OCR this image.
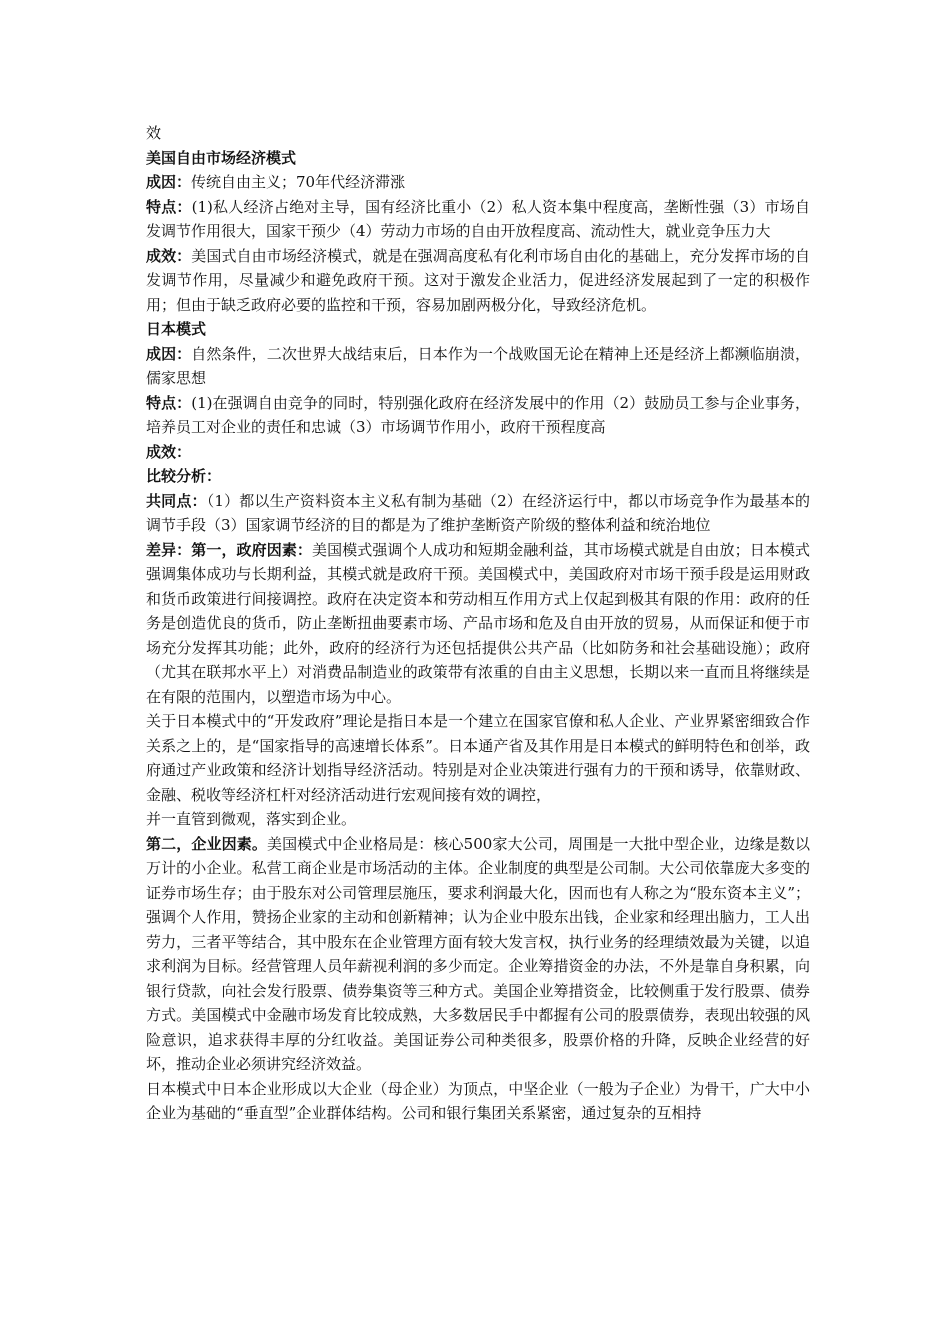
效

美国自由市场经济模式

成因：传统自由主义；70年代经济滞涨

特点：(1)私人经济占绝对主导，国有经济比重小（2）私人资本集中程度高，垄断性强（3）市场自发调节作用很大，国家干预少（4）劳动力市场的自由开放程度高、流动性大，就业竞争压力大

成效：美国式自由市场经济模式，就是在强凋高度私有化利市场自由化的基础上，充分发挥市场的自发调节作用，尽量减少和避免政府干预。这对于激发企业活力，促进经济发展起到了一定的积极作用；但由于缺乏政府必要的监控和干预，容易加剧两极分化，导致经济危机。

日本模式

成因：自然条件，二次世界大战结束后，日本作为一个战败国无论在精神上还是经济上都濒临崩溃，儒家思想

特点：(1)在强调自由竞争的同时，特别强化政府在经济发展中的作用（2）鼓励员工参与企业事务，培养员工对企业的责任和忠诚（3）市场调节作用小，政府干预程度高

成效：

比较分析：

共同点：（1）都以生产资料资本主义私有制为基础（2）在经济运行中，都以市场竞争作为最基本的调节手段（3）国家调节经济的目的都是为了维护垄断资产阶级的整体利益和统治地位

差异：第一，政府因素：美国模式强调个人成功和短期金融利益，其市场模式就是自由放；日本模式强调集体成功与长期利益，其模式就是政府干预。美国模式中，美国政府对市场干预手段是运用财政和货币政策进行间接调控。政府在决定资本和劳动相互作用方式上仅起到极其有限的作用：政府的任务是创造优良的货币，防止垄断扭曲要素市场、产品市场和危及自由开放的贸易，从而保证和便于市场充分发挥其功能；此外，政府的经济行为还包括提供公共产品（比如防务和社会基础设施）；政府（尤其在联邦水平上）对消费品制造业的政策带有浓重的自由主义思想，长期以来一直而且将继续是在有限的范围内，以塑造市场为中心。

关于日本模式中的“开发政府”理论是指日本是一个建立在国家官僚和私人企业、产业界紧密细致合作关系之上的，是“国家指导的高速增长体系”。日本通产省及其作用是日本模式的鲜明特色和创举，政府通过产业政策和经济计划指导经济活动。特别是对企业决策进行强有力的干预和诱导，依靠财政、金融、税收等经济杠杆对经济活动进行宏观间接有效的调控，

并一直管到微观，落实到企业。

第二，企业因素。美国模式中企业格局是：核心500家大公司，周围是一大批中型企业，边缘是数以万计的小企业。私营工商企业是市场活动的主体。企业制度的典型是公司制。大公司依靠庞大多变的证券市场生存；由于股东对公司管理层施压，要求利润最大化，因而也有人称之为“股东资本主义”；强调个人作用，赞扬企业家的主动和创新精神；认为企业中股东出钱，企业家和经理出脑力，工人出劳力，三者平等结合，其中股东在企业管理方面有较大发言权，执行业务的经理绩效最为关键，以追求利润为目标。经营管理人员年薪视利润的多少而定。企业筹措资金的办法，不外是靠自身积累，向银行贷款，向社会发行股票、债券集资等三种方式。美国企业筹措资金，比较侧重于发行股票、债券方式。美国模式中金融市场发育比较成熟，大多数居民手中都握有公司的股票债券，表现出较强的风险意识，追求获得丰厚的分红收益。美国证券公司种类很多，股票价格的升降，反映企业经营的好坏，推动企业必须讲究经济效益。

日本模式中日本企业形成以大企业（母企业）为顶点，中坚企业（一般为子企业）为骨干，广大中小企业为基础的“垂直型”企业群体结构。公司和银行集团关系紧密，通过复杂的互相持
